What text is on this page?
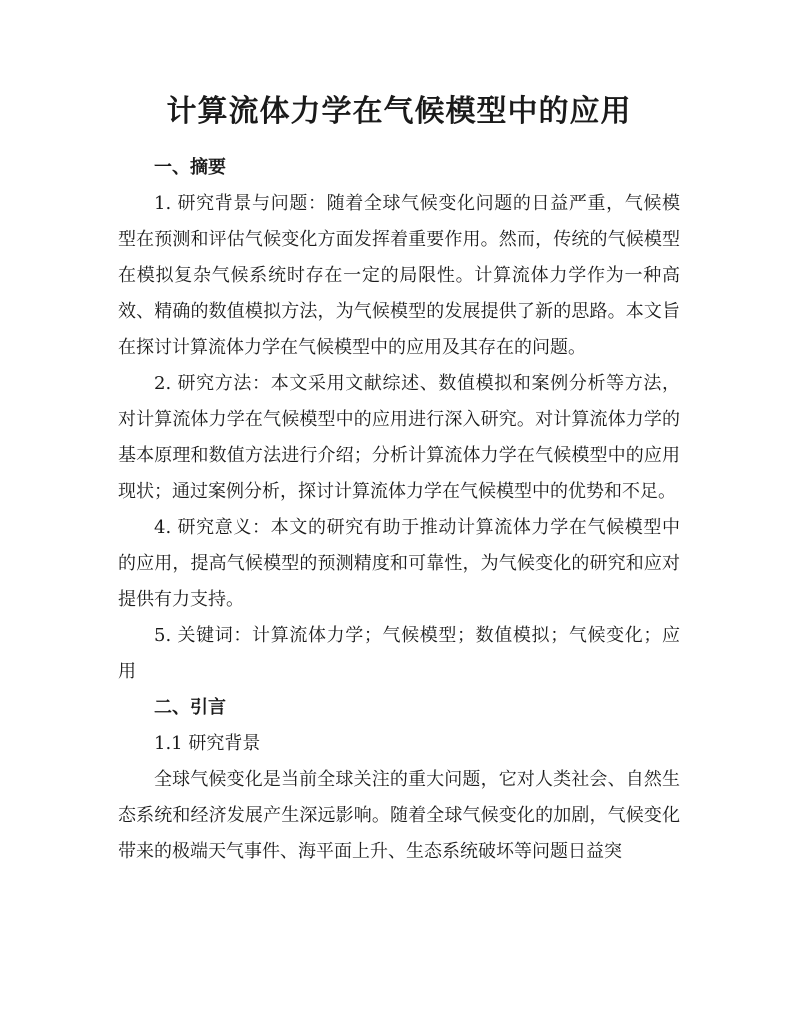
计算流体力学在气候模型中的应用

一、摘要

1. 研究背景与问题：随着全球气候变化问题的日益严重，气候模型在预测和评估气候变化方面发挥着重要作用。然而，传统的气候模型在模拟复杂气候系统时存在一定的局限性。计算流体力学作为一种高效、精确的数值模拟方法，为气候模型的发展提供了新的思路。本文旨在探讨计算流体力学在气候模型中的应用及其存在的问题。

2. 研究方法：本文采用文献综述、数值模拟和案例分析等方法，对计算流体力学在气候模型中的应用进行深入研究。对计算流体力学的基本原理和数值方法进行介绍；分析计算流体力学在气候模型中的应用现状；通过案例分析，探讨计算流体力学在气候模型中的优势和不足。

4. 研究意义：本文的研究有助于推动计算流体力学在气候模型中的应用，提高气候模型的预测精度和可靠性，为气候变化的研究和应对提供有力支持。

5. 关键词：计算流体力学；气候模型；数值模拟；气候变化；应用

二、引言

1.1 研究背景

全球气候变化是当前全球关注的重大问题，它对人类社会、自然生态系统和经济发展产生深远影响。随着全球气候变化的加剧，气候变化带来的极端天气事件、海平面上升、生态系统破坏等问题日益突
